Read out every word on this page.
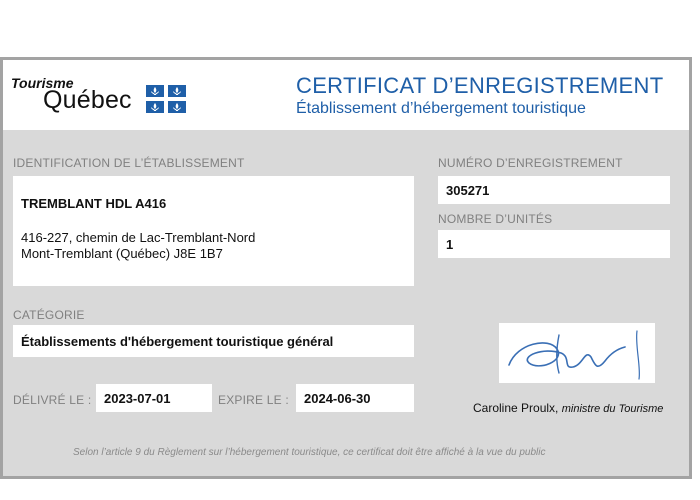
Tourisme
Québec
CERTIFICAT D’ENREGISTREMENT
Établissement d’hébergement touristique
IDENTIFICATION DE L’ÉTABLISSEMENT
TREMBLANT HDL A416
416-227, chemin de Lac-Tremblant-Nord
Mont-Tremblant (Québec) J8E 1B7
NUMÉRO D’ENREGISTREMENT
305271
NOMBRE D’UNITÉS
1
CATÉGORIE
Établissements d'hébergement touristique général
DÉLIVRÉ LE : 2023-07-01	EXPIRE LE : 2024-06-30
Caroline Proulx, ministre du Tourisme
Selon l’article 9 du Règlement sur l’hébergement touristique, ce certificat doit être affiché à la vue du public
